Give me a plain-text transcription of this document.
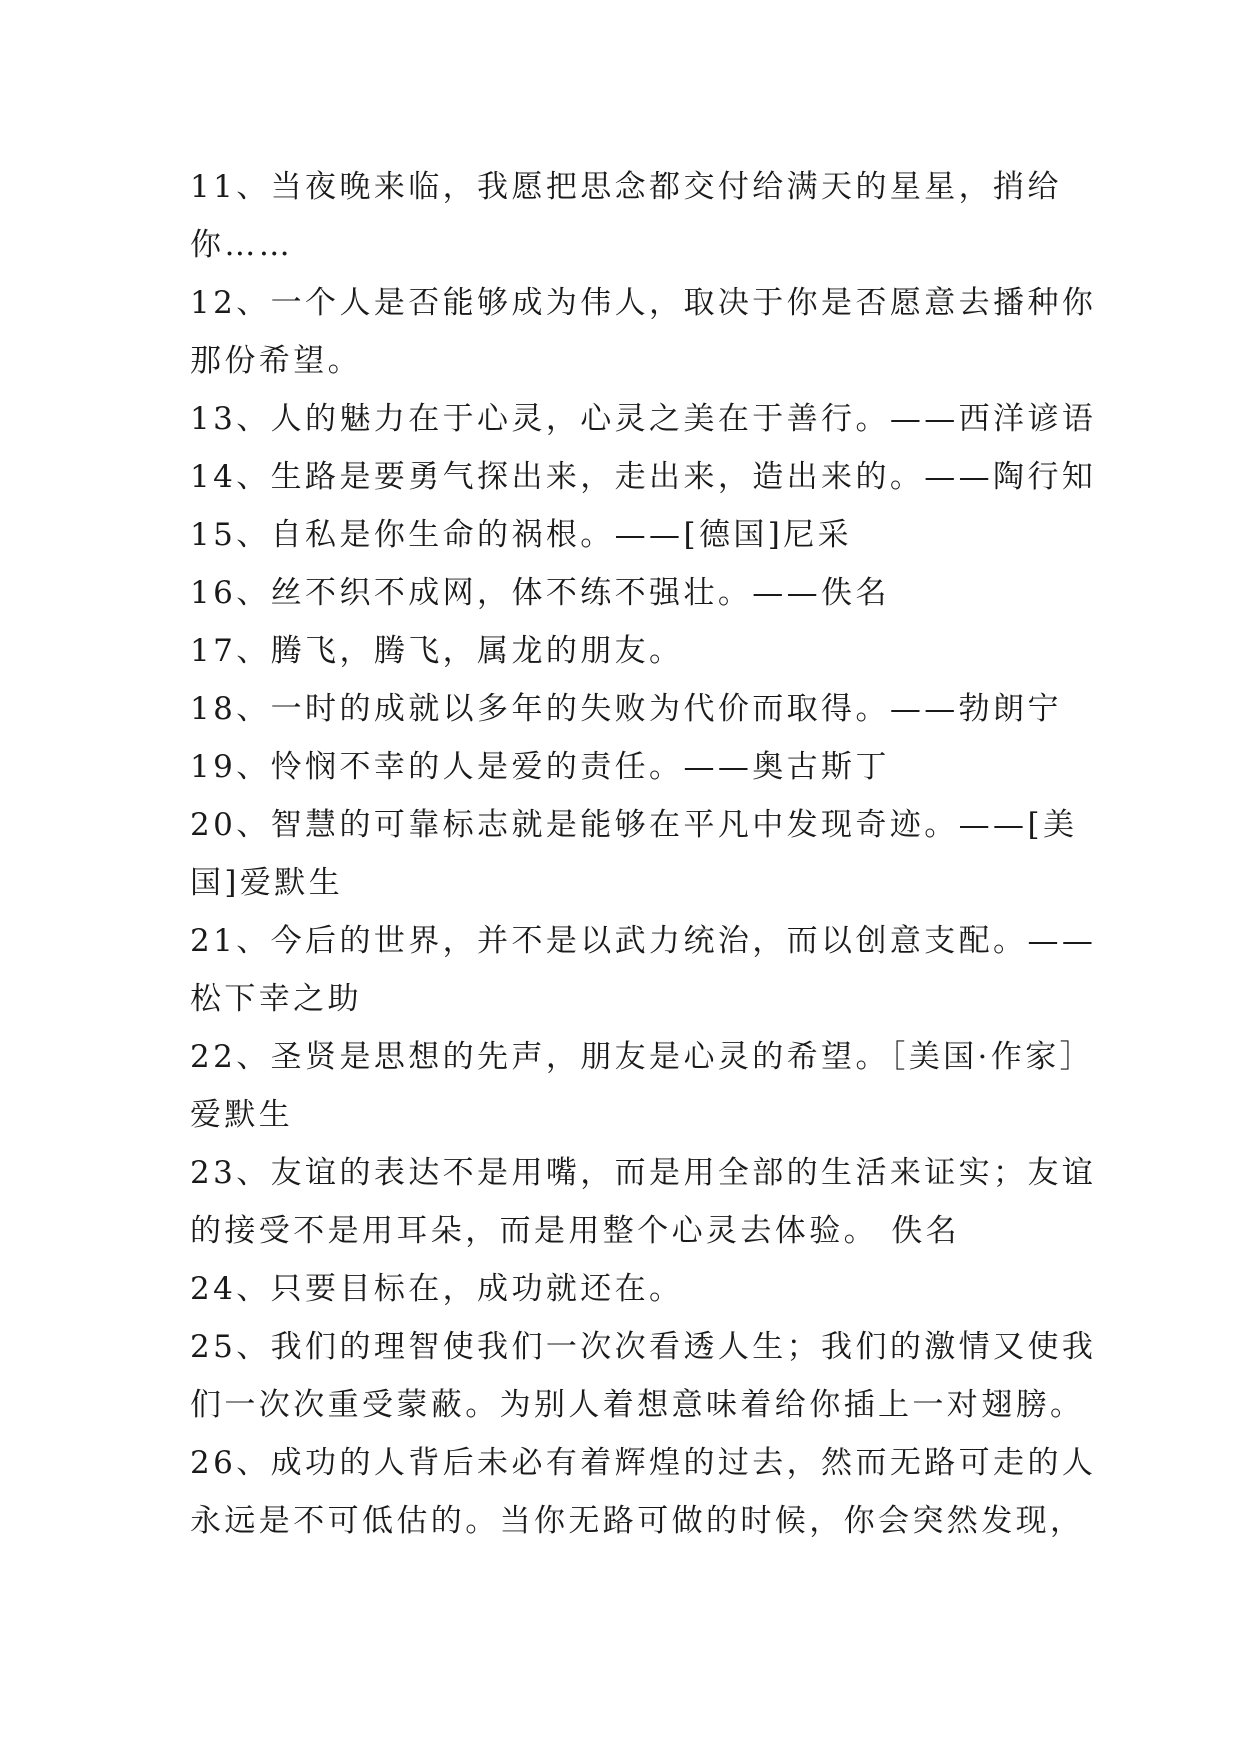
11、当夜晚来临，我愿把思念都交付给满天的星星，捎给
你……
12、一个人是否能够成为伟人，取决于你是否愿意去播种你
那份希望。
13、人的魅力在于心灵，心灵之美在于善行。——西洋谚语
14、生路是要勇气探出来，走出来，造出来的。——陶行知
15、自私是你生命的祸根。——[德国]尼采
16、丝不织不成网，体不练不强壮。——佚名
17、腾飞，腾飞，属龙的朋友。
18、一时的成就以多年的失败为代价而取得。——勃朗宁
19、怜悯不幸的人是爱的责任。——奥古斯丁
20、智慧的可靠标志就是能够在平凡中发现奇迹。——[美
国]爱默生
21、今后的世界，并不是以武力统治，而以创意支配。——
松下幸之助
22、圣贤是思想的先声，朋友是心灵的希望。［美国·作家］
爱默生
23、友谊的表达不是用嘴，而是用全部的生活来证实；友谊
的接受不是用耳朵，而是用整个心灵去体验。 佚名
24、只要目标在，成功就还在。
25、我们的理智使我们一次次看透人生；我们的激情又使我
们一次次重受蒙蔽。为别人着想意味着给你插上一对翅膀。
26、成功的人背后未必有着辉煌的过去，然而无路可走的人
永远是不可低估的。当你无路可做的时候，你会突然发现，
